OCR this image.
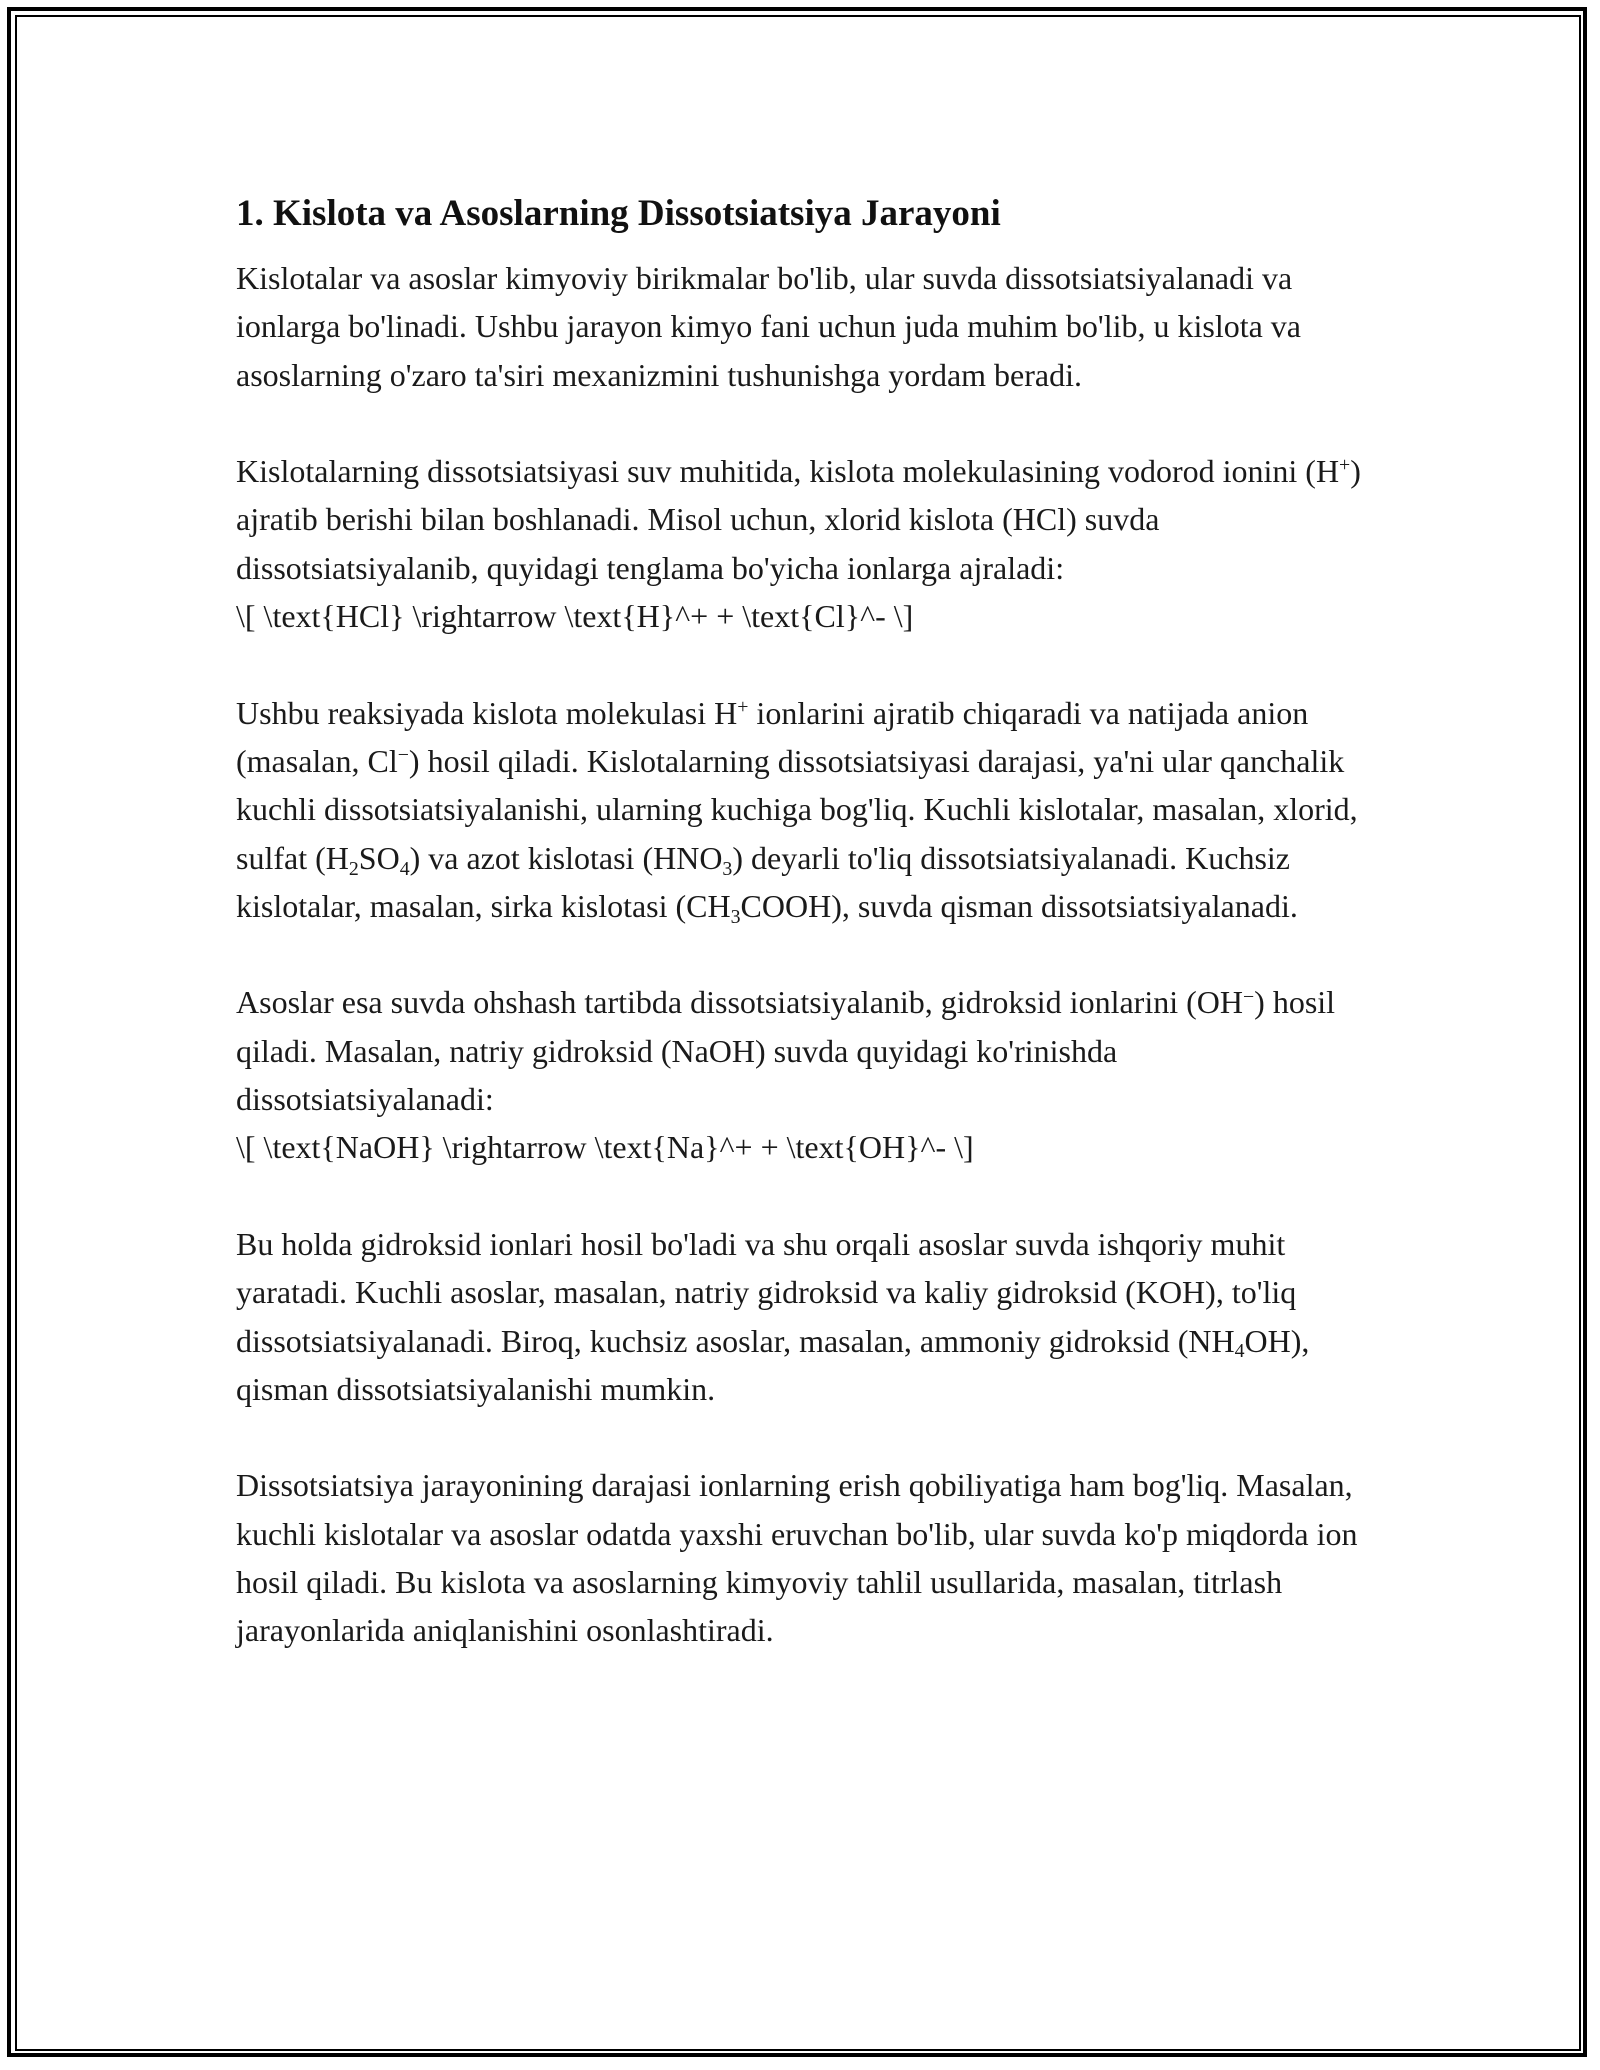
1. Kislota va Asoslarning Dissotsiatsiya Jarayoni

Kislotalar va asoslar kimyoviy birikmalar bo'lib, ular suvda dissotsiatsiyalanadi va ionlarga bo'linadi. Ushbu jarayon kimyo fani uchun juda muhim bo'lib, u kislota va asoslarning o'zaro ta'siri mexanizmini tushunishga yordam beradi.

Kislotalarning dissotsiatsiyasi suv muhitida, kislota molekulasining vodorod ionini (H+) ajratib berishi bilan boshlanadi. Misol uchun, xlorid kislota (HCl) suvda dissotsiatsiyalanib, quyidagi tenglama bo'yicha ionlarga ajraladi:
\[ \text{HCl} \rightarrow \text{H}^+ + \text{Cl}^- \]

Ushbu reaksiyada kislota molekulasi H+ ionlarini ajratib chiqaradi va natijada anion (masalan, Cl−) hosil qiladi. Kislotalarning dissotsiatsiyasi darajasi, ya'ni ular qanchalik kuchli dissotsiatsiyalanishi, ularning kuchiga bog'liq. Kuchli kislotalar, masalan, xlorid, sulfat $(H_2SO_4)$ va azot kislotasi $(HNO_3)$ deyarli to'liq dissotsiatsiyalanadi. Kuchsiz kislotalar, masalan, sirka kislotasi $(CH_3COOH)$, suvda qisman dissotsiatsiyalanadi.

Asoslar esa suvda ohshash tartibda dissotsiatsiyalanib, gidroksid ionlarini (OH−) hosil qiladi. Masalan, natriy gidroksid (NaOH) suvda quyidagi ko'rinishda dissotsiatsiyalanadi:
\[ \text{NaOH} \rightarrow \text{Na}^+ + \text{OH}^- \]

Bu holda gidroksid ionlari hosil bo'ladi va shu orqali asoslar suvda ishqoriy muhit yaratadi. Kuchli asoslar, masalan, natriy gidroksid va kaliy gidroksid (KOH), to'liq dissotsiatsiyalanadi. Biroq, kuchsiz asoslar, masalan, ammoniy gidroksid $(NH_4OH)$, qisman dissotsiatsiyalanishi mumkin.

Dissotsiatsiya jarayonining darajasi ionlarning erish qobiliyatiga ham bog'liq. Masalan, kuchli kislotalar va asoslar odatda yaxshi eruvchan bo'lib, ular suvda ko'p miqdorda ion hosil qiladi. Bu kislota va asoslarning kimyoviy tahlil usullarida, masalan, titrlash jarayonlarida aniqlanishini osonlashtiradi.
